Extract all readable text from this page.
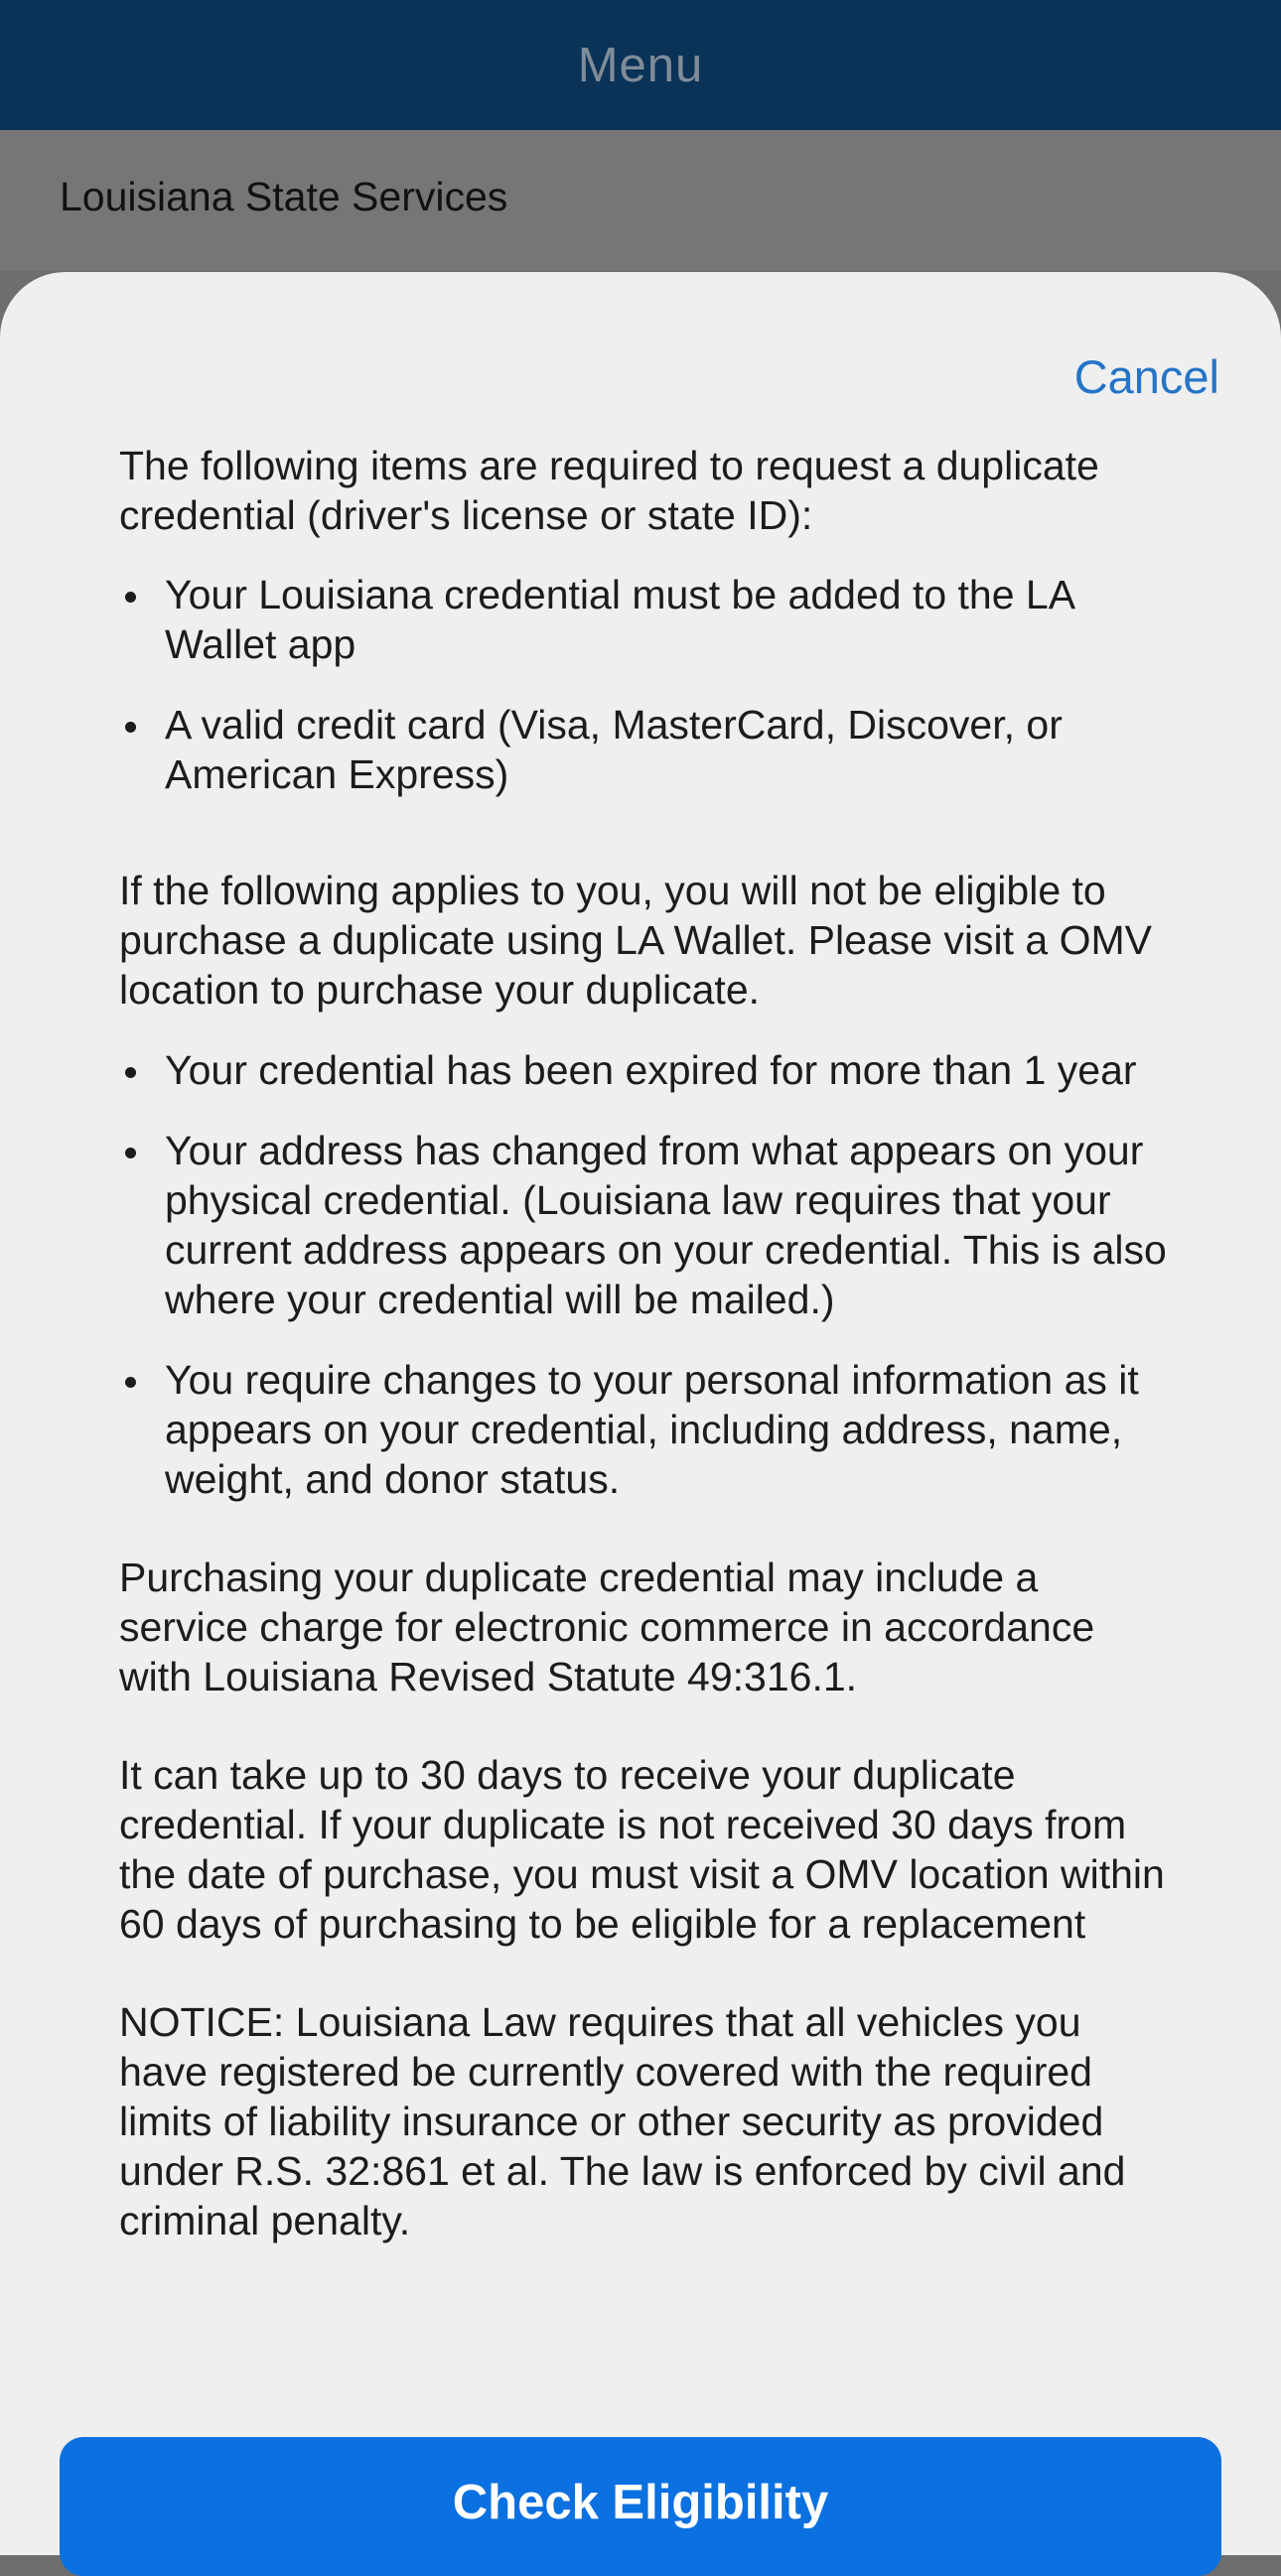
Menu
Louisiana State Services
Cancel

The following items are required to request a duplicate credential (driver's license or state ID):

Your Louisiana credential must be added to the LA Wallet app
A valid credit card (Visa, MasterCard, Discover, or American Express)

If the following applies to you, you will not be eligible to purchase a duplicate using LA Wallet. Please visit a OMV location to purchase your duplicate.

Your credential has been expired for more than 1 year
Your address has changed from what appears on your physical credential. (Louisiana law requires that your current address appears on your credential. This is also where your credential will be mailed.)
You require changes to your personal information as it appears on your credential, including address, name, weight, and donor status.

Purchasing your duplicate credential may include a service charge for electronic commerce in accordance with Louisiana Revised Statute 49:316.1.

It can take up to 30 days to receive your duplicate credential. If your duplicate is not received 30 days from the date of purchase, you must visit a OMV location within 60 days of purchasing to be eligible for a replacement

NOTICE: Louisiana Law requires that all vehicles you have registered be currently covered with the required limits of liability insurance or other security as provided under R.S. 32:861 et al. The law is enforced by civil and criminal penalty.

Check Eligibility
